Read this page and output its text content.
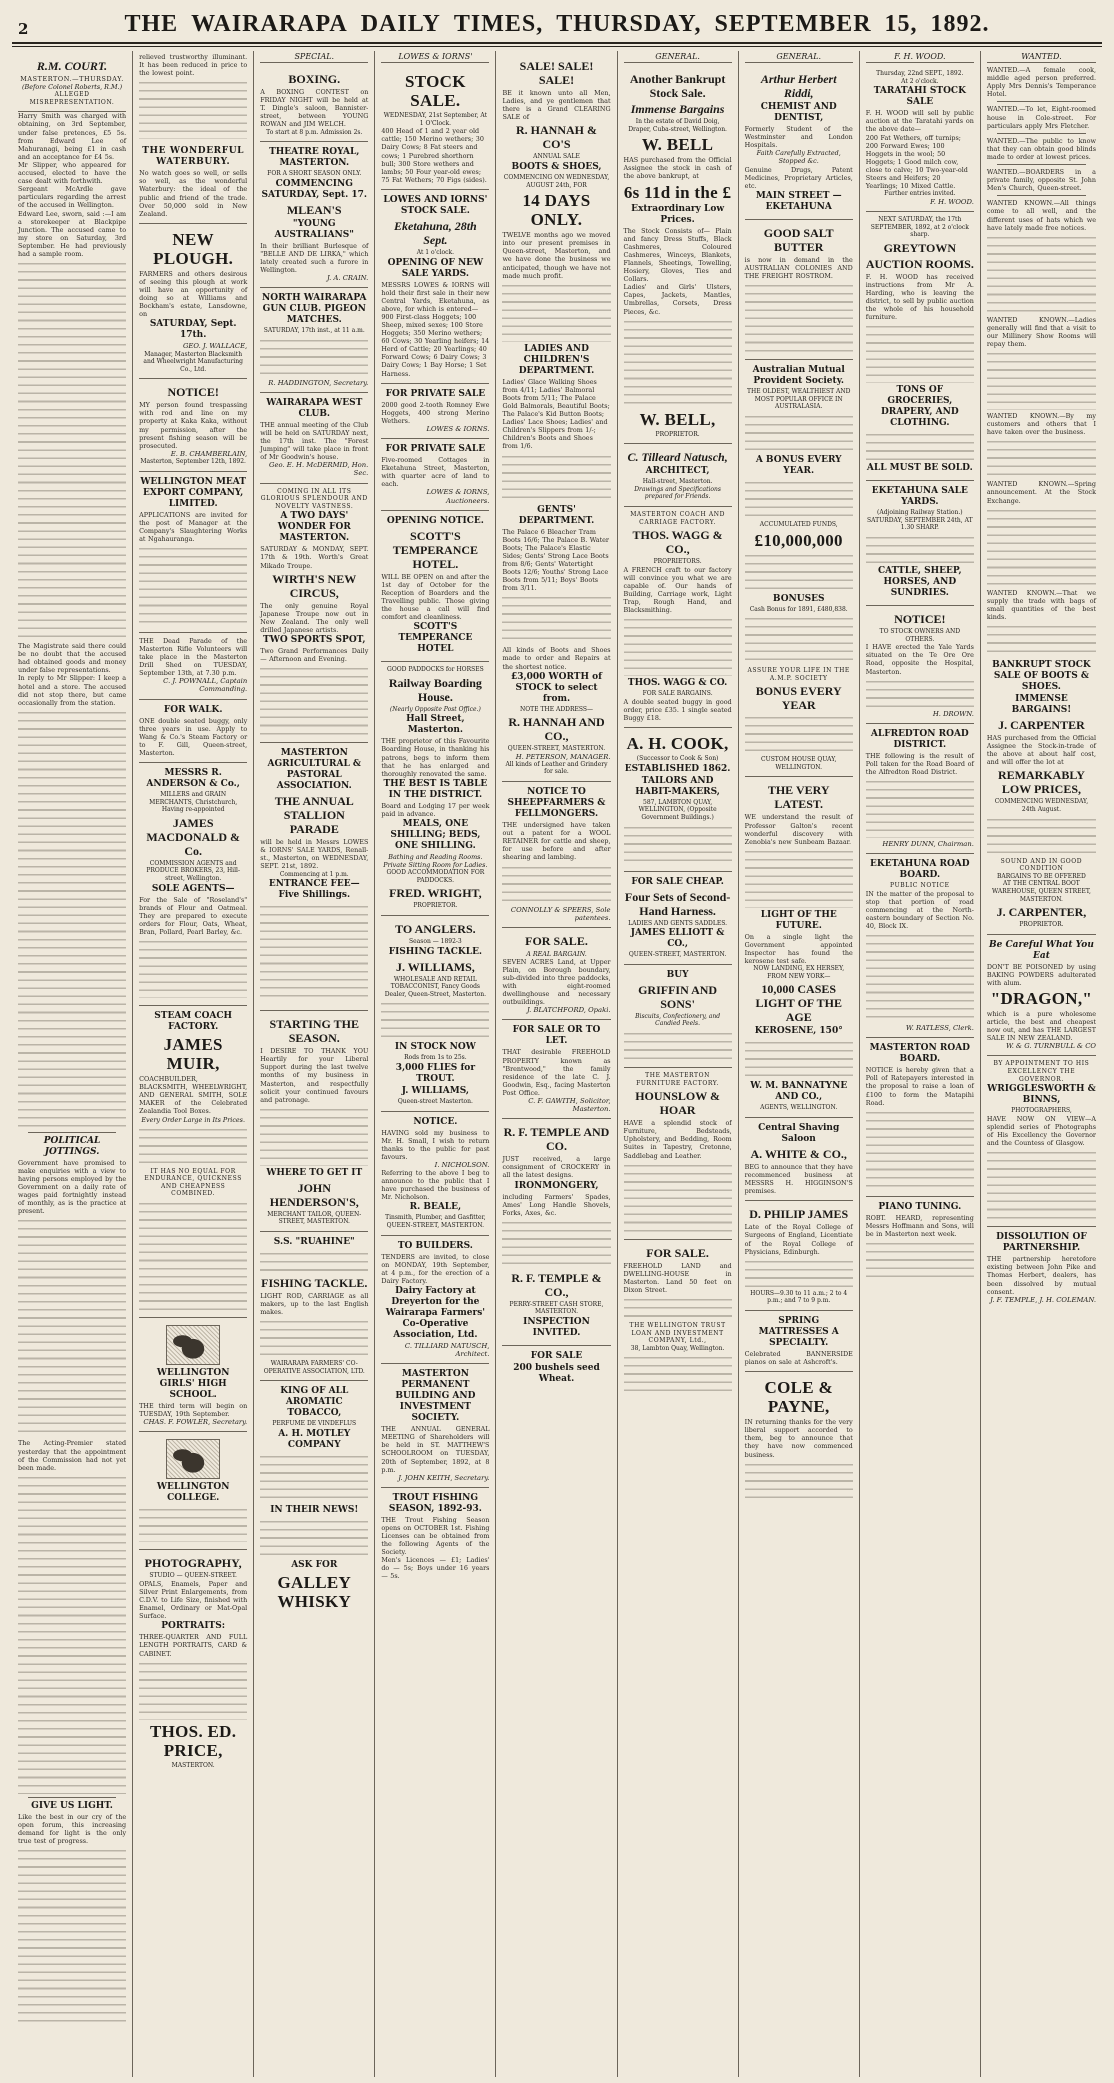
2	THE WAIRARAPA DAILY TIMES, THURSDAY, SEPTEMBER 15, 1892.
R.M. COURT.
MASTERTON.—THURSDAY.
(Before Colonel Roberts, R.M.)
ALLEGED MISREPRESENTATION.

Harry Smith was charged with obtaining, on 3rd September, under false pretences, £5 5s. from Edward Lee of Mahuranagi, being £1 in cash and an acceptance for £4 5s.

Mr Slipper, who appeared for accused, elected to have the case dealt with forthwith.

Sergeant McArdle gave particulars regarding the arrest of the accused in Wellington.

Edward Lee, sworn, said :—I am a storekeeper at Blackpipe Junction. The accused came to my store on Saturday, 3rd September. He had previously had a sample room.

The Magistrate said there could be no doubt that the accused had obtained goods and money under false representations.

In reply to Mr Slipper: I keep a hotel and a store. The accused did not stop there, but came occasionally from the station.

POLITICAL JOTTINGS.

Government have promised to make enquiries with a view to having persons employed by the Government on a daily rate of wages paid fortnightly instead of monthly, as is the practice at present.

The Acting-Premier stated yesterday that the appointment of the Commission had not yet been made.

GIVE US LIGHT.

Like the best in our cry of the open forum, this increasing demand for light is the only true test of progress.

relieved trustworthy illuminant. It has been reduced in price to the lowest point.

THE WONDERFUL WATERBURY.

No watch goes so well, or sells so well, as the wonderful Waterbury: the ideal of the public and friend of the trade. Over 50,000 sold in New Zealand.

NEW PLOUGH.

FARMERS and others desirous of seeing this plough at work will have an opportunity of doing so at Williams and Bockham's estate, Lansdowne, on

SATURDAY, Sept. 17th.
GEO. J. WALLACE,
Manager, Masterton Blacksmith and Wheelwright Manufacturing Co., Ltd.
NOTICE!

MY person found trespassing with rod and line on my property at Kaka Kaka, without my permission, after the present fishing season will be prosecuted.

E. B. CHAMBERLAIN,
Masterton, September 12th, 1892.
WELLINGTON MEAT EXPORT COMPANY, LIMITED.

APPLICATIONS are invited for the post of Manager at the Company's Slaughtering Works at Ngahauranga.

THE Dead Parade of the Masterton Rifle Volunteers will take place in the Masterton Drill Shed on TUESDAY, September 13th, at 7.30 p.m.

C. J. POWNALL, Captain Commanding.
FOR WALK.

ONE double seated buggy, only three years in use. Apply to Wang & Co.'s Steam Factory or to F. Gill, Queen-street, Masterton.

MESSRS R. ANDERSON & Co.,
MILLERS and GRAIN MERCHANTS, Christchurch, Having re-appointed
JAMES MACDONALD & Co.
COMMISSION AGENTS and PRODUCE BROKERS, 23, Hill-street, Wellington.
SOLE AGENTS—

For the Sale of "Roseland's" brands of Flour and Oatmeal. They are prepared to execute orders for Flour, Oats, Wheat, Bran, Pollard, Pearl Barley, &c.

STEAM COACH FACTORY.
JAMES MUIR,

COACHBUILDER, BLACKSMITH, WHEELWRIGHT, AND GENERAL SMITH, SOLE MAKER of the Celebrated Zealandia Tool Boxes.

Every Order Large in Its Prices.
IT HAS NO EQUAL FOR ENDURANCE, QUICKNESS AND CHEAPNESS COMBINED.
WELLINGTON GIRLS' HIGH SCHOOL.

THE third term will begin on TUESDAY, 19th September.

CHAS. F. FOWLER, Secretary.
WELLINGTON COLLEGE.
PHOTOGRAPHY,
STUDIO — QUEEN-STREET.

OPALS, Enamels, Paper and Silver Print Enlargements, from C.D.V. to Life Size, finished with Enamel, Ordinary or Mat-Opal Surface.

PORTRAITS:

THREE-QUARTER AND FULL LENGTH PORTRAITS, CARD & CABINET.

THOS. ED. PRICE,
MASTERTON.
SPECIAL.
BOXING.

A BOXING CONTEST on FRIDAY NIGHT will be held at T. Dingle's saloon, Bannister-street, between YOUNG ROWAN and JIM WELCH.

To start at 8 p.m. Admission 2s.
THEATRE ROYAL, MASTERTON.
FOR A SHORT SEASON ONLY.
COMMENCING SATURDAY, Sept. 17.
MLEAN'S
"YOUNG AUSTRALIANS"

In their brilliant Burlesque of "BELLE AND DE LIRKA," which lately created such a furore in Wellington.

J. A. CRAIN.
NORTH WAIRARAPA GUN CLUB. PIGEON MATCHES.
SATURDAY, 17th inst., at 11 a.m.
R. HADDINGTON, Secretary.
WAIRARAPA WEST CLUB.

THE annual meeting of the Club will be held on SATURDAY next, the 17th inst. The "Forest Jumping" will take place in front of Mr Goodwin's house.

Geo. E. H. McDERMID, Hon. Sec.
COMING IN ALL ITS GLORIOUS SPLENDOUR AND NOVELTY VASTNESS.
A TWO DAYS' WONDER FOR MASTERTON.

SATURDAY & MONDAY, SEPT. 17th & 19th. Worth's Great Mikado Troupe.

WIRTH'S NEW CIRCUS,

The only genuine Royal Japanese Troupe now out in New Zealand. The only well drilled Japanese artists.

TWO SPORTS SPOT,

Two Grand Performances Daily — Afternoon and Evening.

MASTERTON AGRICULTURAL & PASTORAL ASSOCIATION.
THE ANNUAL STALLION PARADE

will be held in Messrs LOWES & IORNS' SALE YARDS, Renall-st., Masterton, on WEDNESDAY, SEPT. 21st, 1892.

Commencing at 1 p.m.
ENTRANCE FEE—Five Shillings.
STARTING THE SEASON.

I DESIRE TO THANK YOU Heartily for your Liberal Support during the last twelve months of my business in Masterton, and respectfully solicit your continued favours and patronage.

WHERE TO GET IT
JOHN HENDERSON'S,
MERCHANT TAILOR, QUEEN-STREET, MASTERTON.
S.S. "RUAHINE"
FISHING TACKLE.

LIGHT ROD, CARRIAGE as all makers, up to the last English makes.

WAIRARAPA FARMERS' CO-OPERATIVE ASSOCIATION, LTD.
KING OF ALL AROMATIC TOBACCO,
PERFUME DE VINDEFLUS
A. H. MOTLEY COMPANY
IN THEIR NEWS!
ASK FOR
GALLEY WHISKY
LOWES & IORNS'
STOCK SALE.
WEDNESDAY, 21st September, At 1 O'Clock.

400 Head of 1 and 2 year old cattle; 150 Merino wethers; 30 Dairy Cows; 8 Fat steers and cows; 1 Purebred shorthorn bull; 300 Store wethers and lambs; 50 Four year-old ewes; 75 Fat Wethers; 70 Figs (sides).

LOWES AND IORNS' STOCK SALE.
Eketahuna, 28th Sept.
At 1 o'clock.
OPENING OF NEW SALE YARDS.

MESSRS LOWES & IORNS will hold their first sale in their new Central Yards, Eketahuna, as above, for which is entered—

900 First-class Hoggets; 100 Sheep, mixed sexes; 100 Store Hoggets; 350 Merino wethers; 60 Cows; 30 Yearling heifers; 14 Herd of Cattle; 20 Yearlings; 40 Forward Cows; 6 Dairy Cows; 3 Dairy Cows; 1 Bay Horse; 1 Set Harness.

FOR PRIVATE SALE

2000 good 2-tooth Romney Ewe Hoggets, 400 strong Merino Wethers.

LOWES & IORNS.
FOR PRIVATE SALE

Five-roomed Cottages in Eketahuna Street, Masterton, with quarter acre of land to each.

LOWES & IORNS, Auctioneers.
OPENING NOTICE.
SCOTT'S TEMPERANCE HOTEL.

WILL BE OPEN on and after the 1st day of October for the Reception of Boarders and the Travelling public. Those giving the house a call will find comfort and cleanliness.

SCOTT'S TEMPERANCE HOTEL
GOOD PADDOCKS for HORSES
Railway Boarding House.
(Nearly Opposite Post Office.)
Hall Street, Masterton.

THE proprietor of this Favourite Boarding House, in thanking his patrons, begs to inform them that he has enlarged and thoroughly renovated the same.

THE BEST IS TABLE IN THE DISTRICT.

Board and Lodging 17 per week paid in advance.

MEALS, ONE SHILLING; BEDS, ONE SHILLING.
Bathing and Reading Rooms. Private Sitting Room for Ladies.
GOOD ACCOMMODATION FOR PADDOCKS.
FRED. WRIGHT,
PROPRIETOR.
TO ANGLERS.
Season — 1892-3
FISHING TACKLE.
J. WILLIAMS,
WHOLESALE AND RETAIL TOBACCONIST, Fancy Goods Dealer, Queen-Street, Masterton.
IN STOCK NOW
Rods from 1s to 25s.
3,000 FLIES for TROUT.
J. WILLIAMS,
Queen-street Masterton.
NOTICE.

HAVING sold my business to Mr. H. Small, I wish to return thanks to the public for past favours.

I. NICHOLSON.

Referring to the above I beg to announce to the public that I have purchased the business of Mr. Nicholson.

R. BEALE,
Tinsmith, Plumber, and Gasfitter, QUEEN-STREET, MASTERTON.
TO BUILDERS.

TENDERS are invited, to close on MONDAY, 19th September, at 4 p.m., for the erection of a Dairy Factory.

Dairy Factory at Dreyerton for the Wairarapa Farmers' Co-Operative Association, Ltd.
C. TILLIARD NATUSCH, Architect.
MASTERTON PERMANENT BUILDING AND INVESTMENT SOCIETY.

THE ANNUAL GENERAL MEETING of Shareholders will be held in ST. MATTHEW'S SCHOOLROOM on TUESDAY, 20th of September, 1892, at 8 p.m.

J. JOHN KEITH, Secretary.
TROUT FISHING SEASON, 1892-93.

THE Trout Fishing Season opens on OCTOBER 1st. Fishing Licenses can be obtained from the following Agents of the Society.

Men's Licences — £1; Ladies' do — 5s; Boys under 16 years — 5s.

SALE! SALE! SALE!

BE it known unto all Men, Ladies, and ye gentlemen that there is a Grand CLEARING SALE of

R. HANNAH & CO'S
ANNUAL SALE
BOOTS & SHOES,
COMMENCING ON WEDNESDAY, AUGUST 24th, FOR
14 DAYS ONLY.

TWELVE months ago we moved into our present premises in Queen-street, Masterton, and we have done the business we anticipated, though we have not made much profit.

LADIES AND CHILDREN'S DEPARTMENT.

Ladies' Glace Walking Shoes from 4/11; Ladies' Balmoral Boots from 5/11; The Palace Gold Balmorals, Beautiful Boots; The Palace's Kid Button Boots; Ladies' Lace Shoes; Ladies' and Children's Slippers from 1/-; Children's Boots and Shoes from 1/6.

GENTS' DEPARTMENT.

The Palace 6 Bleacher Tram Boots 16/6; The Palace B. Water Boots; The Palace's Elastic Sides; Gents' Strong Lace Boots from 8/6; Gents' Watertight Boots 12/6; Youths' Strong Lace Boots from 5/11; Boys' Boots from 3/11.

All kinds of Boots and Shoes made to order and Repairs at the shortest notice.

£3,000 WORTH of STOCK to select from.
NOTE THE ADDRESS—
R. HANNAH AND CO.,
QUEEN-STREET, MASTERTON.
H. PETERSON, MANAGER.
All kinds of Leather and Grindery for sale.
NOTICE TO SHEEPFARMERS & FELLMONGERS.

THE undersigned have taken out a patent for a WOOL RETAINER for cattle and sheep, for use before and after shearing and lambing.

CONNOLLY & SPEERS, Sole patentees.
FOR SALE.
A REAL BARGAIN.

SEVEN ACRES Land, at Upper Plain, on Borough boundary, sub-divided into three paddocks, with eight-roomed dwellinghouse and necessary outbuildings.

J. BLATCHFORD, Opaki.
FOR SALE OR TO LET.

THAT desirable FREEHOLD PROPERTY known as "Brentwood," the family residence of the late C. J. Goodwin, Esq., facing Masterton Post Office.

C. F. GAWITH, Solicitor, Masterton.
R. F. TEMPLE AND CO.

JUST received, a large consignment of CROCKERY in all the latest designs.

IRONMONGERY,

including Farmers' Spades, Ames' Long Handle Shovels, Forks, Axes, &c.

R. F. TEMPLE & CO.,
PERRY-STREET CASH STORE, MASTERTON.
INSPECTION INVITED.
FOR SALE
200 bushels seed Wheat.
GENERAL.
Another Bankrupt Stock Sale.
Immense Bargains
In the estate of David Doig, Draper, Cuba-street, Wellington.
W. BELL

HAS purchased from the Official Assignee the stock in cash of the above bankrupt, at

6s 11d in the £
Extraordinary Low Prices.

The Stock Consists of— Plain and fancy Dress Stuffs, Black Cashmeres, Coloured Cashmeres, Winceys, Blankets, Flannels, Sheetings, Towelling, Hosiery, Gloves, Ties and Collars.

Ladies' and Girls' Ulsters, Capes, Jackets, Mantles, Umbrellas, Corsets, Dress Pieces, &c.

W. BELL,
PROPRIETOR.
C. Tilleard Natusch,
ARCHITECT,
Hall-street, Masterton.
Drawings and Specifications prepared for Friends.
MASTERTON COACH AND CARRIAGE FACTORY.
THOS. WAGG & CO.,
PROPRIETORS.

A FRENCH craft to our factory will convince you what we are capable of. Our hands of Building, Carriage work, Light Trap, Rough Hand, and Blacksmithing.

THOS. WAGG & CO.
FOR SALE BARGAINS.

A double seated buggy in good order, price £35. 1 single seated Buggy £18.

A. H. COOK,
(Successor to Cook & Son)
ESTABLISHED 1862.
TAILORS AND HABIT-MAKERS,
587, LAMBTON QUAY, WELLINGTON, (Opposite Government Buildings.)
FOR SALE CHEAP.
Four Sets of Second-Hand Harness.
LADIES AND GENTS SADDLES.
JAMES ELLIOTT & CO.,
QUEEN-STREET, MASTERTON.
BUY
GRIFFIN AND SONS'
Biscuits, Confectionery, and Candied Peels.
THE MASTERTON FURNITURE FACTORY.
HOUNSLOW & HOAR

HAVE a splendid stock of Furniture, Bedsteads, Upholstery, and Bedding, Room Suites in Tapestry, Cretonne, Saddlebag and Leather.

FOR SALE.

FREEHOLD LAND and DWELLING-HOUSE in Masterton. Land 50 feet on Dixon Street.

THE WELLINGTON TRUST LOAN AND INVESTMENT COMPANY, Ltd.,
38, Lambton Quay, Wellington.
GENERAL.
Arthur Herbert Riddi,
CHEMIST AND DENTIST,

Formerly Student of the Westminster and London Hospitals.

Faith Carefully Extracted, Stopped &c.

Genuine Drugs, Patent Medicines, Proprietary Articles, etc.

MAIN STREET — EKETAHUNA
GOOD SALT BUTTER

is now in demand in the AUSTRALIAN COLONIES AND THE FREIGHT ROSTROM.

Australian Mutual Provident Society.
THE OLDEST, WEALTHIEST AND MOST POPULAR OFFICE IN AUSTRALASIA.
A BONUS EVERY YEAR.
ACCUMULATED FUNDS,
£10,000,000
BONUSES
Cash Bonus for 1891, £480,838.
ASSURE YOUR LIFE IN THE A.M.P. SOCIETY
BONUS EVERY YEAR
CUSTOM HOUSE QUAY, WELLINGTON.
THE VERY LATEST.

WE understand the result of Professor Galton's recent wonderful discovery with Zenobia's new Sunbeam Bazaar.

LIGHT OF THE FUTURE.

On a single light the Government appointed Inspector has found the kerosene test safe.

NOW LANDING, EX HERSEY, FROM NEW YORK—
10,000 CASES LIGHT OF THE AGE
KEROSENE, 150°
W. M. BANNATYNE AND CO.,
AGENTS, WELLINGTON.
Central Shaving Saloon
A. WHITE & CO.,

BEG to announce that they have recommenced business at MESSRS H. HIGGINSON'S premises.

D. PHILIP JAMES

Late of the Royal College of Surgeons of England, Licentiate of the Royal College of Physicians, Edinburgh.

HOURS—9.30 to 11 a.m.; 2 to 4 p.m.; and 7 to 9 p.m.
SPRING MATTRESSES A SPECIALTY.

Celebrated BANNERSIDE pianos on sale at Ashcroft's.

COLE & PAYNE,

IN returning thanks for the very liberal support accorded to them, beg to announce that they have now commenced business.

F. H. WOOD.
Thursday, 22nd SEPT., 1892.
At 2 o'clock.
TARATAHI STOCK SALE

F. H. WOOD will sell by public auction at the Taratahi yards on the above date—

200 Fat Wethers, off turnips; 200 Forward Ewes; 100 Hoggets in the wool; 50 Hoggets; 1 Good milch cow, close to calve; 10 Two-year-old Steers and Heifers; 20 Yearlings; 10 Mixed Cattle.

Further entries invited.
F. H. WOOD.
NEXT SATURDAY, the 17th SEPTEMBER, 1892, at 2 o'clock sharp.
GREYTOWN
AUCTION ROOMS.

F. H. WOOD has received instructions from Mr A. Harding, who is leaving the district, to sell by public auction the whole of his household furniture.

TONS OF GROCERIES, DRAPERY, AND CLOTHING.
ALL MUST BE SOLD.
EKETAHUNA SALE YARDS.
(Adjoining Railway Station.)
SATURDAY, SEPTEMBER 24th, AT 1.30 SHARP.
CATTLE, SHEEP, HORSES, AND SUNDRIES.
NOTICE!
TO STOCK OWNERS AND OTHERS.

I HAVE erected the Yale Yards situated on the Te Ore Ore Road, opposite the Hospital, Masterton.

H. DROWN.
ALFREDTON ROAD DISTRICT.

THE following is the result of Poll taken for the Road Board of the Alfredton Road District.

HENRY DUNN, Chairman.
EKETAHUNA ROAD BOARD.
PUBLIC NOTICE

IN the matter of the proposal to stop that portion of road commencing at the North-eastern boundary of Section No. 40, Block IX.

W. RATLESS, Clerk.
MASTERTON ROAD BOARD.

NOTICE is hereby given that a Poll of Ratepayers interested in the proposal to raise a loan of £100 to form the Matapihi Road.

PIANO TUNING.

ROBT. HEARD, representing Messrs Hoffmann and Sons, will be in Masterton next week.

WANTED.

WANTED.—A female cook, middle aged person preferred. Apply Mrs Dennis's Temperance Hotel.

WANTED.—To let, Eight-roomed house in Cole-street. For particulars apply Mrs Fletcher.

WANTED.—The public to know that they can obtain good blinds made to order at lowest prices.

WANTED.—BOARDERS in a private family, opposite St. John Men's Church, Queen-street.

WANTED KNOWN.—All things come to all well, and the different uses of hats which we have lately made free notices.

WANTED KNOWN.—Ladies generally will find that a visit to our Millinery Show Rooms will repay them.

WANTED KNOWN.—By my customers and others that I have taken over the business.

WANTED KNOWN.—Spring announcement. At the Stock Exchange.

WANTED KNOWN.—That we supply the trade with bags of small quantities of the best kinds.

BANKRUPT STOCK SALE OF BOOTS & SHOES.
IMMENSE BARGAINS!
J. CARPENTER

HAS purchased from the Official Assignee the Stock-in-trade of the above at about half cost, and will offer the lot at

REMARKABLY LOW PRICES,
COMMENCING WEDNESDAY, 24th August.
SOUND AND IN GOOD CONDITION
BARGAINS TO BE OFFERED
AT THE CENTRAL BOOT WAREHOUSE, QUEEN STREET, MASTERTON.
J. CARPENTER,
PROPRIETOR.
Be Careful What You Eat

DON'T BE POISONED by using BAKING POWDERS adulterated with alum.

"DRAGON,"

which is a pure wholesome article, the best and cheapest now out, and has THE LARGEST SALE IN NEW ZEALAND.

W. & G. TURNBULL & CO
BY APPOINTMENT TO HIS EXCELLENCY THE GOVERNOR.
WRIGGLESWORTH & BINNS,
PHOTOGRAPHERS,

HAVE NOW ON VIEW—A splendid series of Photographs of His Excellency the Governor and the Countess of Glasgow.

DISSOLUTION OF PARTNERSHIP.

THE partnership heretofore existing between John Pike and Thomas Herbert, dealers, has been dissolved by mutual consent.

J. F. TEMPLE, J. H. COLEMAN.
